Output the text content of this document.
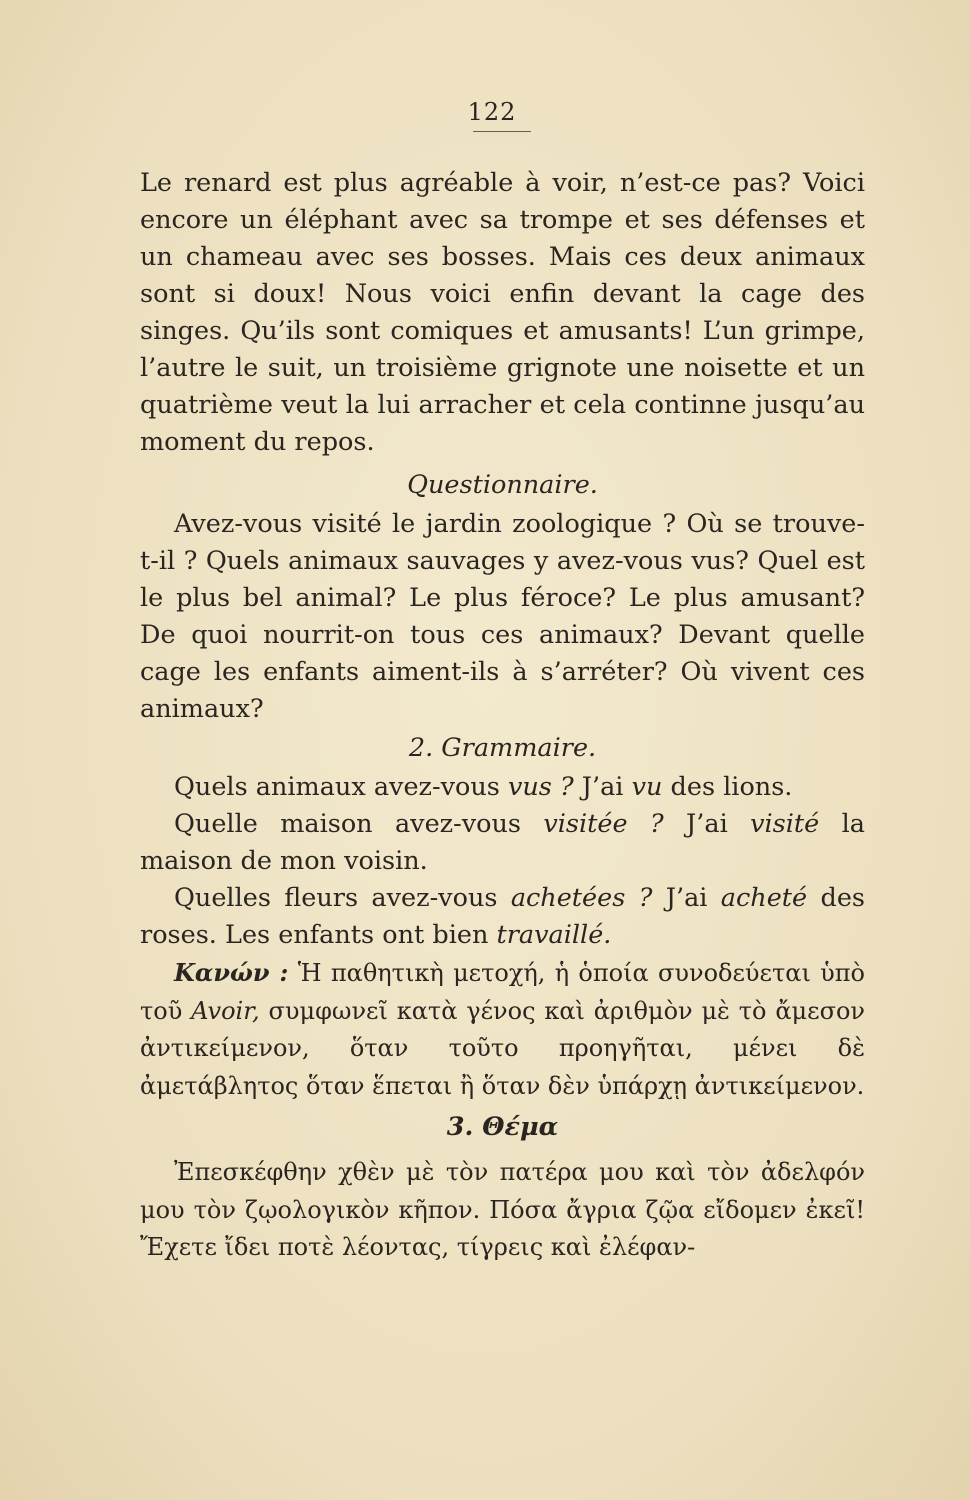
122

Le renard est plus agréable à voir, n’est-ce pas? Voici encore un éléphant avec sa trompe et ses défenses et un chameau avec ses bosses. Mais ces deux animaux sont si doux! Nous voici enfin devant la cage des singes. Qu’ils sont comiques et amusants! L’un grimpe, l’autre le suit, un troisième grignote une noisette et un quatrième veut la lui arracher et cela continne jusqu’au moment du repos.

Questionnaire.

Avez-vous visité le jardin zoologique ? Où se trouve-t-il ? Quels animaux sauvages y avez-vous vus? Quel est le plus bel animal? Le plus féroce? Le plus amusant? De quoi nourrit-on tous ces animaux? Devant quelle cage les enfants aiment-ils à s’arréter? Où vivent ces animaux?

2. Grammaire.

Quels animaux avez-vous vus ? J’ai vu des lions.

Quelle maison avez-vous visitée ? J’ai visité la maison de mon voisin.

Quelles fleurs avez-vous achetées ? J’ai acheté des roses. Les enfants ont bien travaillé.

Κανών : Ἡ παθητικὴ μετοχή, ἡ ὁποία συνοδεύεται ὑπὸ τοῦ Avoir, συμφωνεῖ κατὰ γένος καὶ ἀριθμὸν μὲ τὸ ἄμεσον ἀντικείμενον, ὅταν τοῦτο προηγῆται, μένει δὲ ἀμετάβλητος ὅταν ἕπεται ἢ ὅταν δὲν ὑπάρχῃ ἀντικείμενον.

3. Θέμα

Ἐπεσκέφθην χθὲν μὲ τὸν πατέρα μου καὶ τὸν ἀδελφόν μου τὸν ζῳολογικὸν κῆπον. Πόσα ἄγρια ζῷα εἴδομεν ἐκεῖ! Ἔχετε ἴδει ποτὲ λέοντας, τίγρεις καὶ ἐλέφαν-
